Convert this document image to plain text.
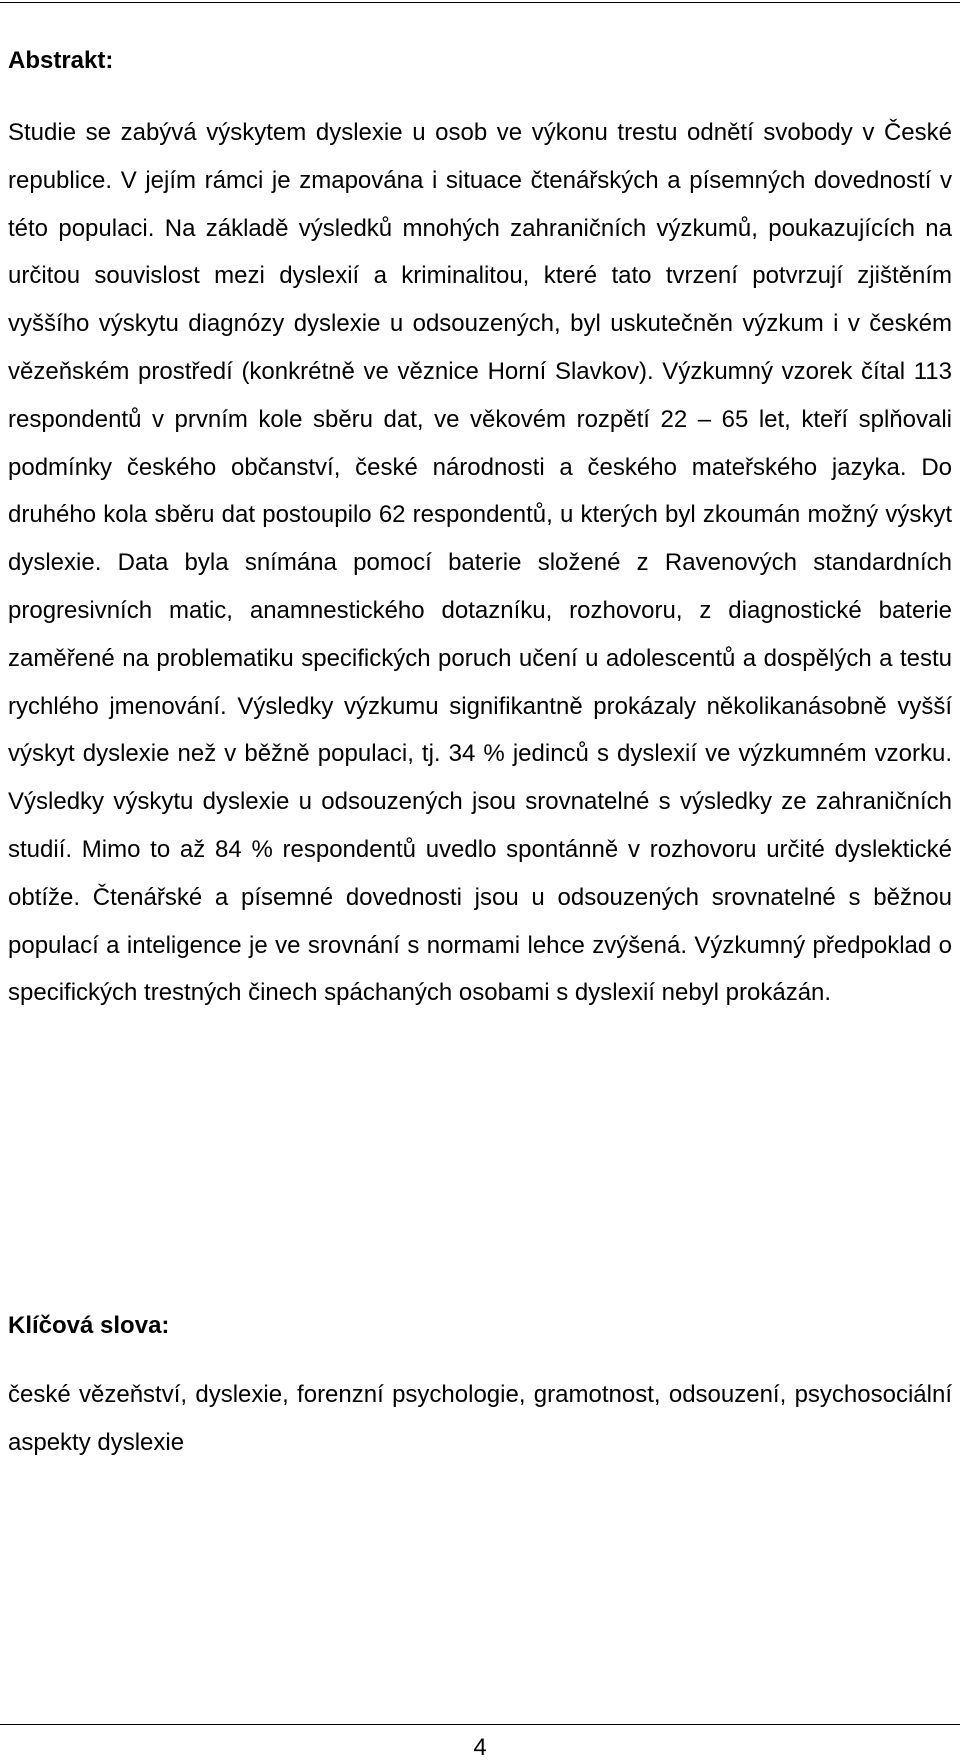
Abstrakt:

Studie se zabývá výskytem dyslexie u osob ve výkonu trestu odnětí svobody v České republice. V jejím rámci je zmapována i situace čtenářských a písemných dovedností v této populaci. Na základě výsledků mnohých zahraničních výzkumů, poukazujících na určitou souvislost mezi dyslexií a kriminalitou, které tato tvrzení potvrzují zjištěním vyššího výskytu diagnózy dyslexie u odsouzených, byl uskutečněn výzkum i v českém vězeňském prostředí (konkrétně ve věznice Horní Slavkov). Výzkumný vzorek čítal 113 respondentů v prvním kole sběru dat, ve věkovém rozpětí 22 – 65 let, kteří splňovali podmínky českého občanství, české národnosti a českého mateřského jazyka. Do druhého kola sběru dat postoupilo 62 respondentů, u kterých byl zkoumán možný výskyt dyslexie. Data byla snímána pomocí baterie složené z Ravenových standardních progresivních matic, anamnestického dotazníku, rozhovoru, z diagnostické baterie zaměřené na problematiku specifických poruch učení u adolescentů a dospělých a testu rychlého jmenování. Výsledky výzkumu signifikantně prokázaly několikanásobně vyšší výskyt dyslexie než v běžně populaci, tj. 34 % jedinců s dyslexií ve výzkumném vzorku. Výsledky výskytu dyslexie u odsouzených jsou srovnatelné s výsledky ze zahraničních studií. Mimo to až 84 % respondentů uvedlo spontánně v rozhovoru určité dyslektické obtíže. Čtenářské a písemné dovednosti jsou u odsouzených srovnatelné s běžnou populací a inteligence je ve srovnání s normami lehce zvýšená. Výzkumný předpoklad o specifických trestných činech spáchaných osobami s dyslexií nebyl prokázán.

Klíčová slova:

české vězeňství, dyslexie, forenzní psychologie, gramotnost, odsouzení, psychosociální aspekty dyslexie

4
